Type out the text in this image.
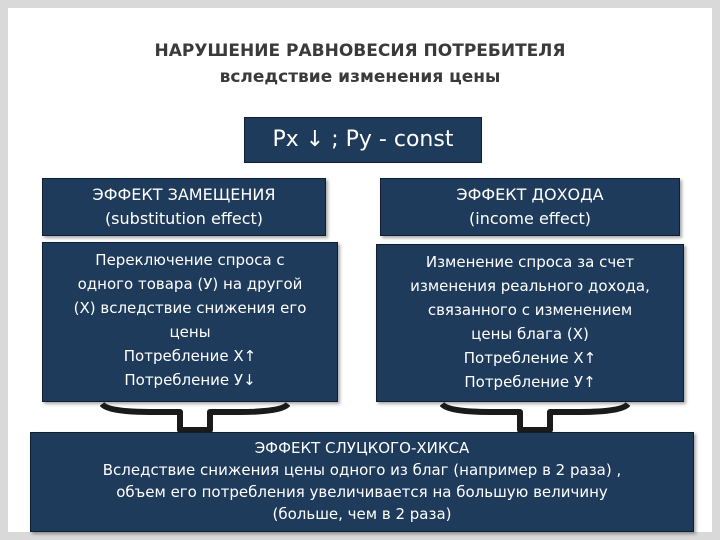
НАРУШЕНИЕ РАВНОВЕСИЯ ПОТРЕБИТЕЛЯ
вследствие изменения цены
Px ↓ ; Py - const
ЭФФЕКТ ЗАМЕЩЕНИЯ
(substitution effect)
Переключение спроса с
одного товара (У) на другой
(Х) вследствие снижения его
цены
Потребление Х↑
Потребление У↓
ЭФФЕКТ ДОХОДА
(income effect)
Изменение спроса за счет
изменения реального дохода,
связанного с изменением
цены блага (Х)
Потребление Х↑
Потребление У↑
ЭФФЕКТ СЛУЦКОГО-ХИКСА
Вследствие снижения цены одного из благ (например в 2 раза) ,
объем его потребления увеличивается на большую величину
(больше, чем в 2 раза)
